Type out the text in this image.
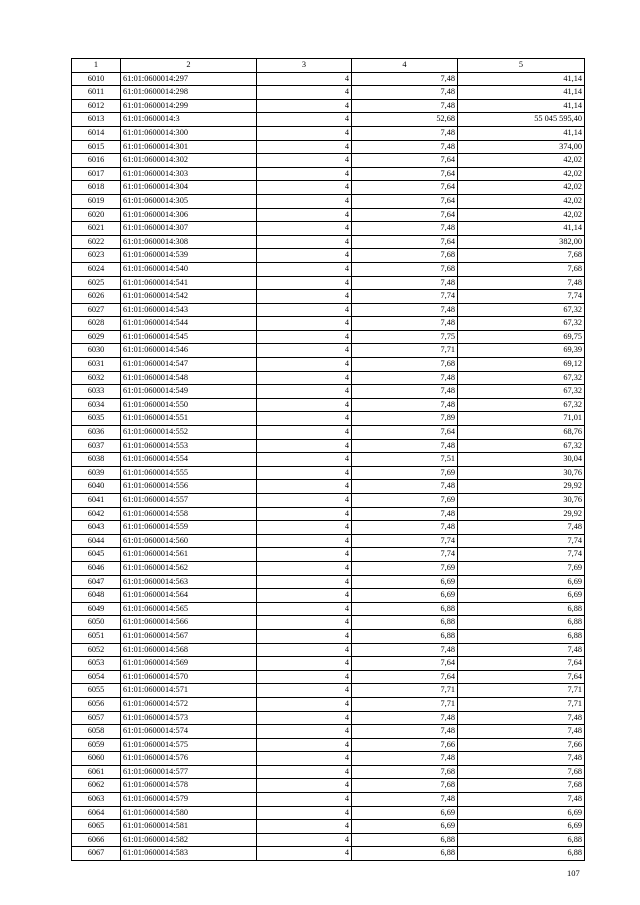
1	2	3	4	5
6010	61:01:0600014:297	4	7,48	41,14
6011	61:01:0600014:298	4	7,48	41,14
6012	61:01:0600014:299	4	7,48	41,14
6013	61:01:0600014:3	4	52,68	55 045 595,40
6014	61:01:0600014:300	4	7,48	41,14
6015	61:01:0600014:301	4	7,48	374,00
6016	61:01:0600014:302	4	7,64	42,02
6017	61:01:0600014:303	4	7,64	42,02
6018	61:01:0600014:304	4	7,64	42,02
6019	61:01:0600014:305	4	7,64	42,02
6020	61:01:0600014:306	4	7,64	42,02
6021	61:01:0600014:307	4	7,48	41,14
6022	61:01:0600014:308	4	7,64	382,00
6023	61:01:0600014:539	4	7,68	7,68
6024	61:01:0600014:540	4	7,68	7,68
6025	61:01:0600014:541	4	7,48	7,48
6026	61:01:0600014:542	4	7,74	7,74
6027	61:01:0600014:543	4	7,48	67,32
6028	61:01:0600014:544	4	7,48	67,32
6029	61:01:0600014:545	4	7,75	69,75
6030	61:01:0600014:546	4	7,71	69,39
6031	61:01:0600014:547	4	7,68	69,12
6032	61:01:0600014:548	4	7,48	67,32
6033	61:01:0600014:549	4	7,48	67,32
6034	61:01:0600014:550	4	7,48	67,32
6035	61:01:0600014:551	4	7,89	71,01
6036	61:01:0600014:552	4	7,64	68,76
6037	61:01:0600014:553	4	7,48	67,32
6038	61:01:0600014:554	4	7,51	30,04
6039	61:01:0600014:555	4	7,69	30,76
6040	61:01:0600014:556	4	7,48	29,92
6041	61:01:0600014:557	4	7,69	30,76
6042	61:01:0600014:558	4	7,48	29,92
6043	61:01:0600014:559	4	7,48	7,48
6044	61:01:0600014:560	4	7,74	7,74
6045	61:01:0600014:561	4	7,74	7,74
6046	61:01:0600014:562	4	7,69	7,69
6047	61:01:0600014:563	4	6,69	6,69
6048	61:01:0600014:564	4	6,69	6,69
6049	61:01:0600014:565	4	6,88	6,88
6050	61:01:0600014:566	4	6,88	6,88
6051	61:01:0600014:567	4	6,88	6,88
6052	61:01:0600014:568	4	7,48	7,48
6053	61:01:0600014:569	4	7,64	7,64
6054	61:01:0600014:570	4	7,64	7,64
6055	61:01:0600014:571	4	7,71	7,71
6056	61:01:0600014:572	4	7,71	7,71
6057	61:01:0600014:573	4	7,48	7,48
6058	61:01:0600014:574	4	7,48	7,48
6059	61:01:0600014:575	4	7,66	7,66
6060	61:01:0600014:576	4	7,48	7,48
6061	61:01:0600014:577	4	7,68	7,68
6062	61:01:0600014:578	4	7,68	7,68
6063	61:01:0600014:579	4	7,48	7,48
6064	61:01:0600014:580	4	6,69	6,69
6065	61:01:0600014:581	4	6,69	6,69
6066	61:01:0600014:582	4	6,88	6,88
6067	61:01:0600014:583	4	6,88	6,88
107
